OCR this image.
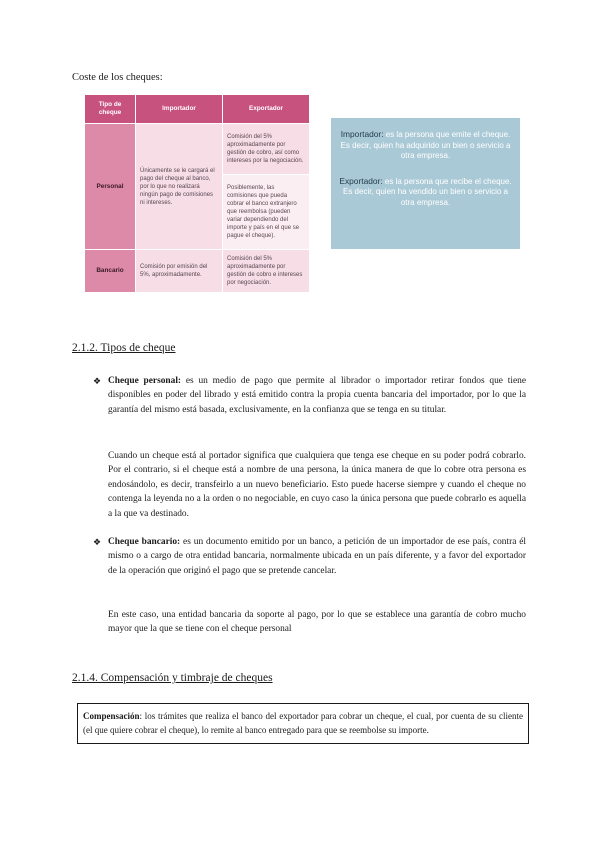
Coste de los cheques:
Tipo de cheque	Importador	Exportador
Personal	Únicamente se le cargará el pago del cheque al banco, por lo que no realizará ningún pago de comisiones ni intereses.	Comisión del 5% aproximadamente por gestión de cobro, así como intereses por la negociación.
		Posiblemente, las comisiones que pueda cobrar el banco extranjero que reembolsa (pueden variar dependiendo del importe y país en el que se pague el cheque).
Bancario	Comisión por emisión del 5%, aproximadamente.	Comisión del 5% aproximadamente por gestión de cobro e intereses por negociación.
Importador: es la persona que emite el cheque. Es decir, quien ha adquirido un bien o servicio a otra empresa.
Exportador: es la persona que recibe el cheque. Es decir, quien ha vendido un bien o servicio a otra empresa.
2.1.2. Tipos de cheque
❖ Cheque personal: es un medio de pago que permite al librador o importador retirar fondos que tiene disponibles en poder del librado y está emitido contra la propia cuenta bancaria del importador, por lo que la garantía del mismo está basada, exclusivamente, en la confianza que se tenga en su titular.
Cuando un cheque está al portador significa que cualquiera que tenga ese cheque en su poder podrá cobrarlo. Por el contrario, si el cheque está a nombre de una persona, la única manera de que lo cobre otra persona es endosándolo, es decir, transfeirlo a un nuevo beneficiario. Esto puede hacerse siempre y cuando el cheque no contenga la leyenda no a la orden o no negociable, en cuyo caso la única persona que puede cobrarlo es aquella a la que va destinado.
❖ Cheque bancario: es un documento emitido por un banco, a petición de un importador de ese país, contra él mismo o a cargo de otra entidad bancaria, normalmente ubicada en un país diferente, y a favor del exportador de la operación que originó el pago que se pretende cancelar.
En este caso, una entidad bancaria da soporte al pago, por lo que se establece una garantía de cobro mucho mayor que la que se tiene con el cheque personal
2.1.4. Compensación y timbraje de cheques
Compensación: los trámites que realiza el banco del exportador para cobrar un cheque, el cual, por cuenta de su cliente (el que quiere cobrar el cheque), lo remite al banco entregado para que se reembolse su importe.
